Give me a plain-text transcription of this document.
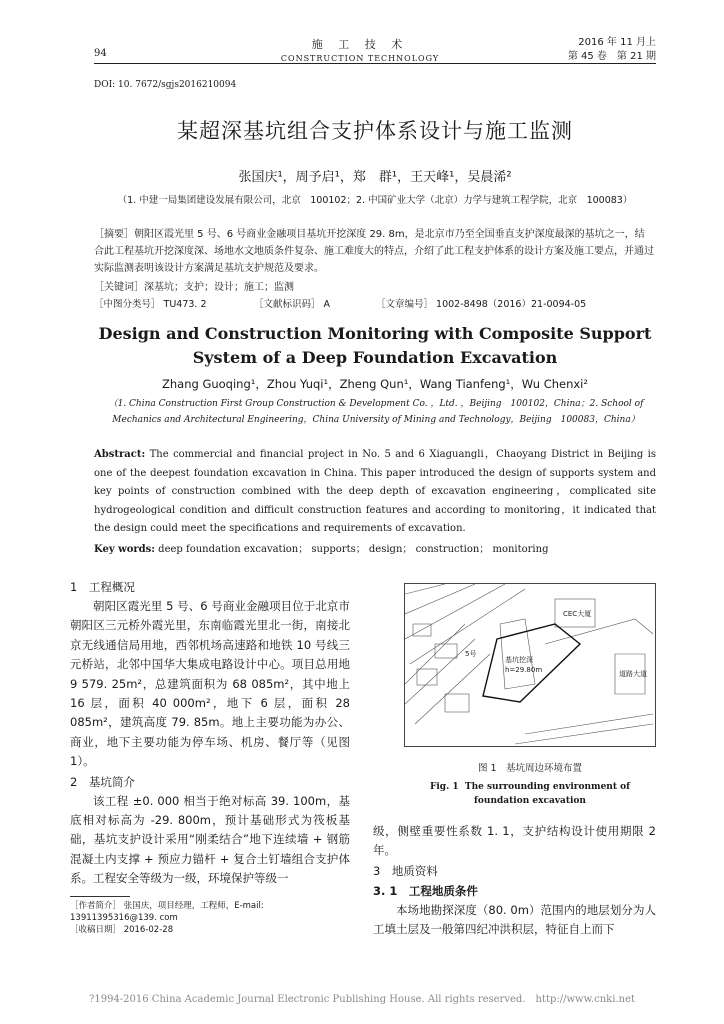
94
施 工 技 术
CONSTRUCTION TECHNOLOGY
2016 年 11 月上
第 45 卷　第 21 期
DOI: 10. 7672/sgjs2016210094
某超深基坑组合支护体系设计与施工监测
张国庆¹，周予启¹，郑　群¹，王天峰¹，吴晨浠²
（1. 中建一局集团建设发展有限公司，北京　100102；2. 中国矿业大学（北京）力学与建筑工程学院，北京　100083）
［摘要］朝阳区霞光里 5 号、6 号商业金融项目基坑开挖深度 29. 8m，是北京市乃至全国垂直支护深度最深的基坑之一，结合此工程基坑开挖深度深、场地水文地质条件复杂、施工难度大的特点，介绍了此工程支护体系的设计方案及施工要点，并通过实际监测表明该设计方案满足基坑支护规范及要求。
［关键词］深基坑；支护；设计；施工；监测
［中图分类号］ TU473. 2	［文献标识码］ A	［文章编号］ 1002-8498（2016）21-0094-05
Design and Construction Monitoring with Composite Support System of a Deep Foundation Excavation
Zhang Guoqing¹，Zhou Yuqi¹，Zheng Qun¹，Wang Tianfeng¹，Wu Chenxi²
（1. China Construction First Group Construction & Development Co. ，Ltd. ，Beijing　100102，China；2. School of Mechanics and Architectural Engineering，China University of Mining and Technology，Beijing　100083，China）
Abstract: The commercial and financial project in No. 5 and 6 Xiaguangli，Chaoyang District in Beijing is one of the deepest foundation excavation in China. This paper introduced the design of supports system and key points of construction combined with the deep depth of excavation engineering，complicated site hydrogeological condition and difficult construction features and according to monitoring，it indicated that the design could meet the specifications and requirements of excavation.
Key words: deep foundation excavation； supports； design； construction； monitoring
1　工程概况
朝阳区霞光里 5 号、6 号商业金融项目位于北京市朝阳区三元桥外霞光里，东南临霞光里北一街，南接北京无线通信局用地，西邻机场高速路和地铁 10 号线三元桥站，北邻中国华大集成电路设计中心。项目总用地 9 579. 25m²，总建筑面积为 68 085m²，其中地上 16 层，面积 40 000m²，地下 6 层，面积 28 085m²，建筑高度 79. 85m。地上主要功能为办公、商业，地下主要功能为停车场、机房、餐厅等（见图 1）。
2　基坑简介
该工程 ±0. 000 相当于绝对标高 39. 100m，基底相对标高为 -29. 800m，预计基础形式为筏板基础，基坑支护设计采用“刚柔结合”地下连续墙 + 钢筋混凝土内支撑 + 预应力锚杆 + 复合土钉墙组合支护体系。工程安全等级为一级，环境保护等级一
［作者简介］ 张国庆，项目经理，工程师，E-mail: 13911395316@139. com
［收稿日期］ 2016-02-28
CEC大厦
基坑挖深
h=29.80m	道路大道
5号
图 1　基坑周边环境布置
Fig. 1 The surrounding environment of foundation excavation
级，侧壁重要性系数 1. 1，支护结构设计使用期限 2 年。
3　地质资料
3. 1　工程地质条件
本场地勘探深度（80. 0m）范围内的地层划分为人工填土层及一般第四纪冲洪积层，特征自上而下
?1994-2016 China Academic Journal Electronic Publishing House. All rights reserved.　http://www.cnki.net
